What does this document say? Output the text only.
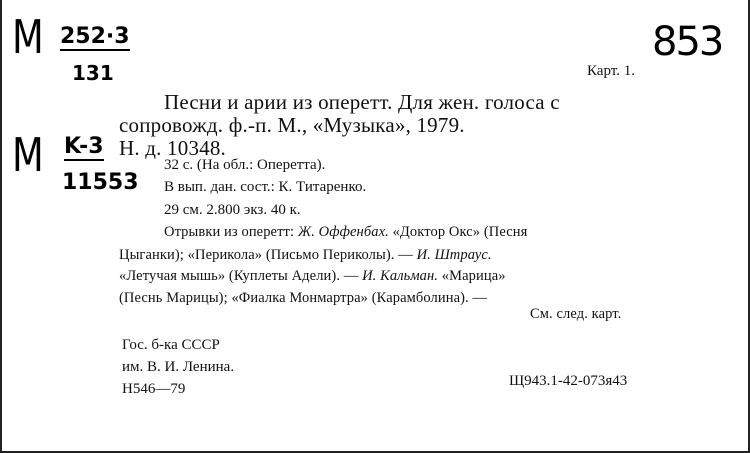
M 252·3
131
M K-3
11553
853
Карт. 1.
Песни и арии из оперетт. Для жен. голоса с
сопровожд. ф.-п. М., «Музыка», 1979.
Н. д. 10348.
32 с. (На обл.: Оперетта).
В вып. дан. сост.: К. Титаренко.
29 см. 2.800 экз. 40 к.
Отрывки из оперетт: Ж. Оффенбах. «Доктор Окс» (Песня
Цыганки); «Перикола» (Письмо Периколы). — И. Штраус.
«Летучая мышь» (Куплеты Адели). — И. Кальман. «Марица»
(Песнь Марицы); «Фиалка Монмартра» (Карамболина). —
См. след. карт.
Гос. б-ка СССР
им. В. И. Ленина.
Н546—79	Щ943.1-42-073я43
